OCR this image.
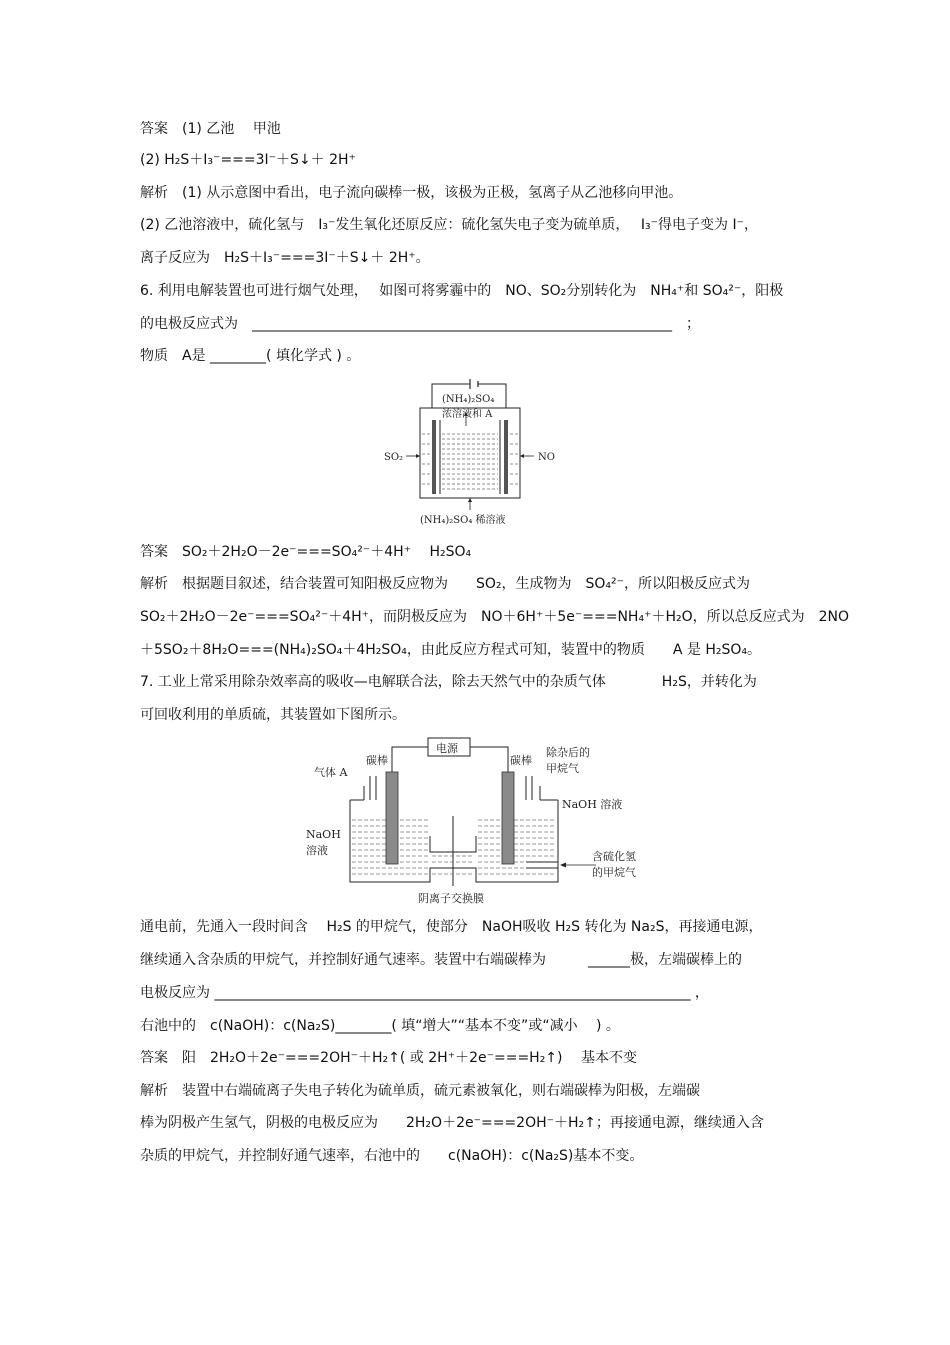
答案　(1) 乙池　 甲池
(2) H₂S＋I₃⁻===3I⁻＋S↓＋ 2H⁺
解析　(1) 从示意图中看出，电子流向碳棒一极，该极为正极，氢离子从乙池移向甲池。
(2) 乙池溶液中，硫化氢与　I₃⁻发生氧化还原反应：硫化氢失电子变为硫单质，　 I₃⁻得电子变为 I⁻，
离子反应为　H₂S＋I₃⁻===3I⁻＋S↓＋ 2H⁺。
6. 利用电解装置也可进行烟气处理，　 如图可将雾霾中的　NO、SO₂分别转化为　NH₄⁺和 SO₄²⁻，阳极
的电极反应式为　____________________________________________________________　；
物质　A是 ________( 填化学式 ) 。
答案　SO₂＋2H₂O－2e⁻===SO₄²⁻＋4H⁺　 H₂SO₄
解析　根据题目叙述，结合装置可知阳极反应物为　　SO₂，生成物为　SO₄²⁻，所以阳极反应式为
SO₂＋2H₂O－2e⁻===SO₄²⁻＋4H⁺，而阴极反应为　NO＋6H⁺＋5e⁻===NH₄⁺＋H₂O，所以总反应式为　2NO
＋5SO₂＋8H₂O===(NH₄)₂SO₄＋4H₂SO₄，由此反应方程式可知，装置中的物质　　A 是 H₂SO₄。
7. 工业上常采用除杂效率高的吸收—电解联合法，除去天然气中的杂质气体　　　　H₂S，并转化为
可回收利用的单质硫，其装置如下图所示。
通电前，先通入一段时间含　 H₂S 的甲烷气，使部分　NaOH吸收 H₂S 转化为 Na₂S，再接通电源，
继续通入含杂质的甲烷气，并控制好通气速率。装置中右端碳棒为　　　______极，左端碳棒上的
电极反应为 ____________________________________________________________________ ，
右池中的　c(NaOH)：c(Na₂S)________( 填“增大”“基本不变”或“减小　 ) 。
答案　阳　2H₂O＋2e⁻===2OH⁻＋H₂↑( 或 2H⁺＋2e⁻===H₂↑)　 基本不变
解析　装置中右端硫离子失电子转化为硫单质，硫元素被氧化，则右端碳棒为阳极，左端碳
棒为阴极产生氢气，阴极的电极反应为　　2H₂O＋2e⁻===2OH⁻＋H₂↑；再接通电源，继续通入含
杂质的甲烷气，并控制好通气速率，右池中的　　c(NaOH)：c(Na₂S)基本不变。
(NH₄)₂SO₄
SO₂	NO
(NH₄)₂SO₄ 稀溶液
浓溶液和 A
电源
碳棒	碳棒
气体 A
除杂后的
甲烷气
NaOH 溶液
NaOH
溶液	含硫化氢
的甲烷气
阴离子交换膜
